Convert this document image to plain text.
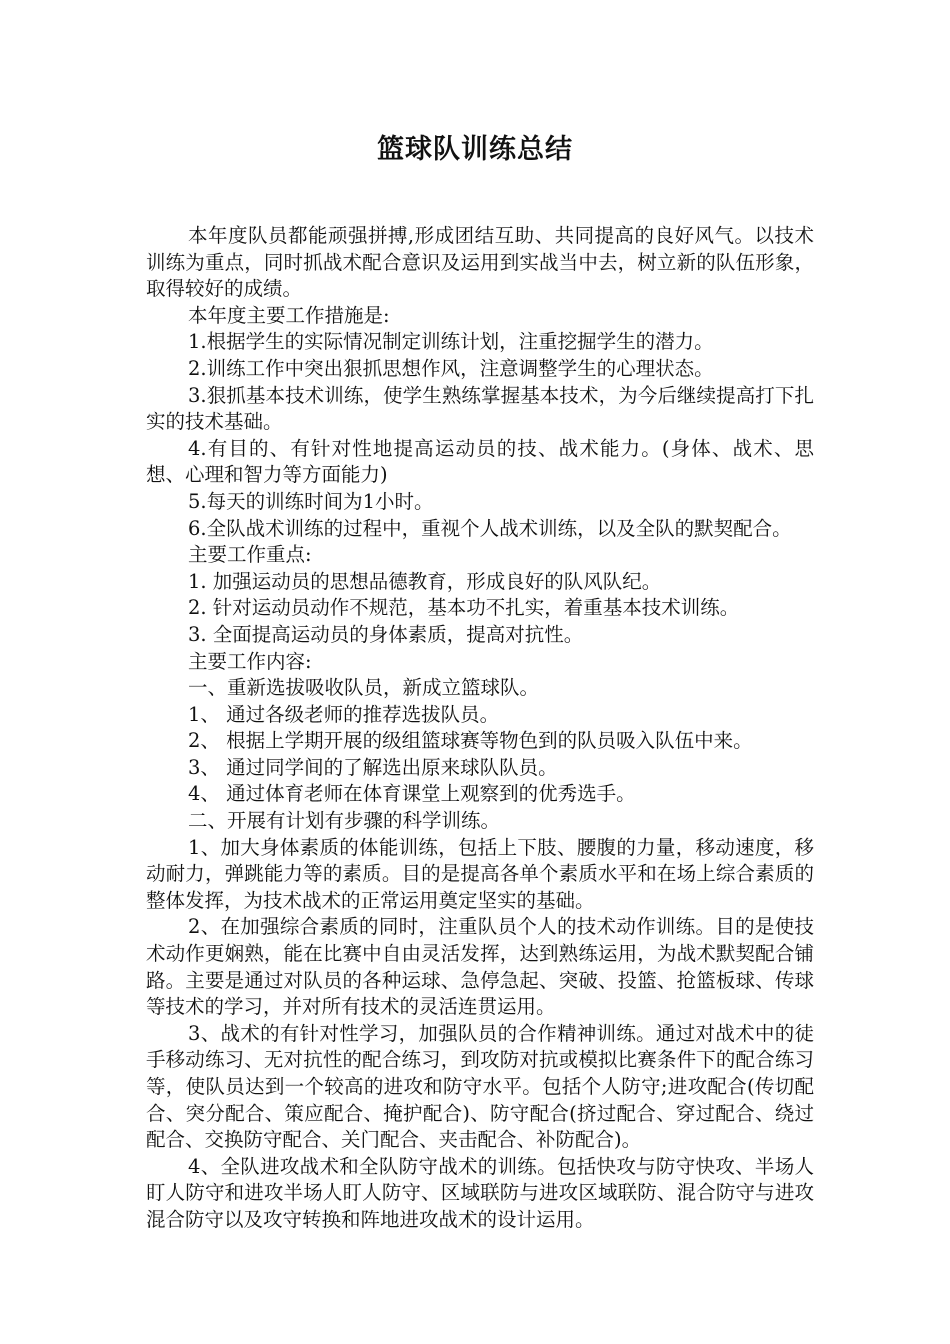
篮球队训练总结

本年度队员都能顽强拼搏,形成团结互助、共同提高的良好风气。以技术训练为重点，同时抓战术配合意识及运用到实战当中去，树立新的队伍形象，取得较好的成绩。

本年度主要工作措施是:

1.根据学生的实际情况制定训练计划，注重挖掘学生的潜力。

2.训练工作中突出狠抓思想作风，注意调整学生的心理状态。

3.狠抓基本技术训练，使学生熟练掌握基本技术，为今后继续提高打下扎实的技术基础。

4.有目的、有针对性地提高运动员的技、战术能力。(身体、战术、思想、心理和智力等方面能力)

5.每天的训练时间为1小时。

6.全队战术训练的过程中，重视个人战术训练，以及全队的默契配合。

主要工作重点:

1. 加强运动员的思想品德教育，形成良好的队风队纪。

2. 针对运动员动作不规范，基本功不扎实，着重基本技术训练。

3. 全面提高运动员的身体素质，提高对抗性。

主要工作内容:

一、重新选拔吸收队员，新成立篮球队。

1、 通过各级老师的推荐选拔队员。

2、 根据上学期开展的级组篮球赛等物色到的队员吸入队伍中来。

3、 通过同学间的了解选出原来球队队员。

4、 通过体育老师在体育课堂上观察到的优秀选手。

二、开展有计划有步骤的科学训练。

1、加大身体素质的体能训练，包括上下肢、腰腹的力量，移动速度，移动耐力，弹跳能力等的素质。目的是提高各单个素质水平和在场上综合素质的整体发挥，为技术战术的正常运用奠定坚实的基础。

2、在加强综合素质的同时，注重队员个人的技术动作训练。目的是使技术动作更娴熟，能在比赛中自由灵活发挥，达到熟练运用，为战术默契配合铺路。主要是通过对队员的各种运球、急停急起、突破、投篮、抢篮板球、传球等技术的学习，并对所有技术的灵活连贯运用。

3、战术的有针对性学习，加强队员的合作精神训练。通过对战术中的徒手移动练习、无对抗性的配合练习，到攻防对抗或模拟比赛条件下的配合练习等，使队员达到一个较高的进攻和防守水平。包括个人防守;进攻配合(传切配合、突分配合、策应配合、掩护配合)、防守配合(挤过配合、穿过配合、绕过配合、交换防守配合、关门配合、夹击配合、补防配合)。

4、全队进攻战术和全队防守战术的训练。包括快攻与防守快攻、半场人盯人防守和进攻半场人盯人防守、区域联防与进攻区域联防、混合防守与进攻混合防守以及攻守转换和阵地进攻战术的设计运用。
